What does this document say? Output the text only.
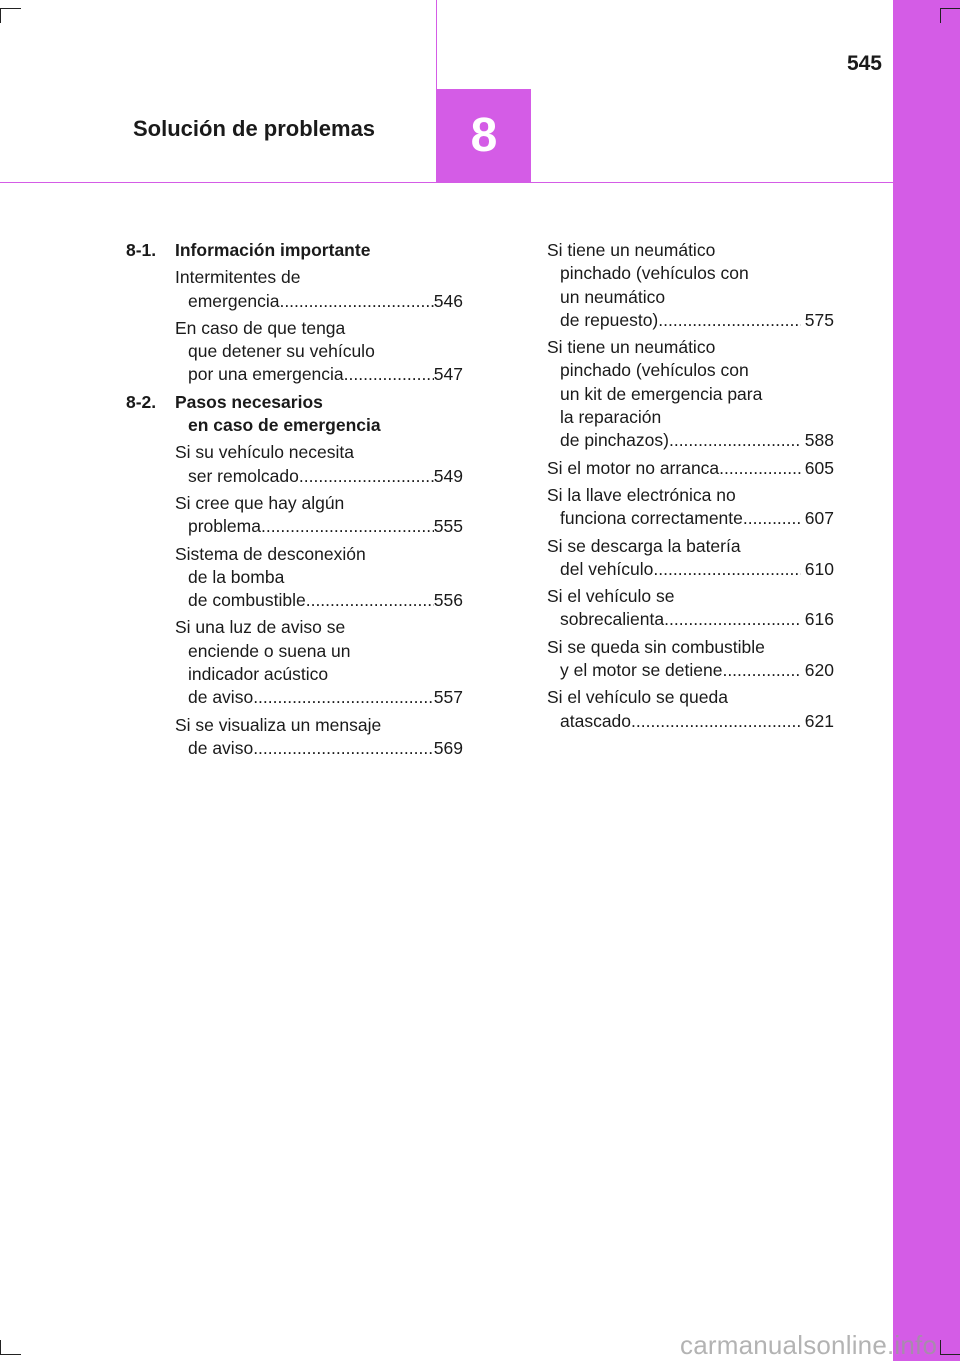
545
Solución de problemas	8
8-1.	Información importante
Intermitentes de
emergencia .....	546
En caso de que tenga
que detener su vehículo
por una emergencia .....	547
8-2.	Pasos necesarios
en caso de emergencia
Si su vehículo necesita
ser remolcado .....	549
Si cree que hay algún
problema .....	555
Sistema de desconexión
de la bomba
de combustible .....	556
Si una luz de aviso se
enciende o suena un
indicador acústico
de aviso .....	557
Si se visualiza un mensaje
de aviso .....	569
Si tiene un neumático
pinchado (vehículos con
un neumático
de repuesto) .....	575
Si tiene un neumático
pinchado (vehículos con
un kit de emergencia para
la reparación
de pinchazos) .....	588
Si el motor no arranca .....	605
Si la llave electrónica no
funciona correctamente .....	607
Si se descarga la batería
del vehículo .....	610
Si el vehículo se
sobrecalienta .....	616
Si se queda sin combustible
y el motor se detiene .....	620
Si el vehículo se queda
atascado .....	621
carmanualsonline.info
